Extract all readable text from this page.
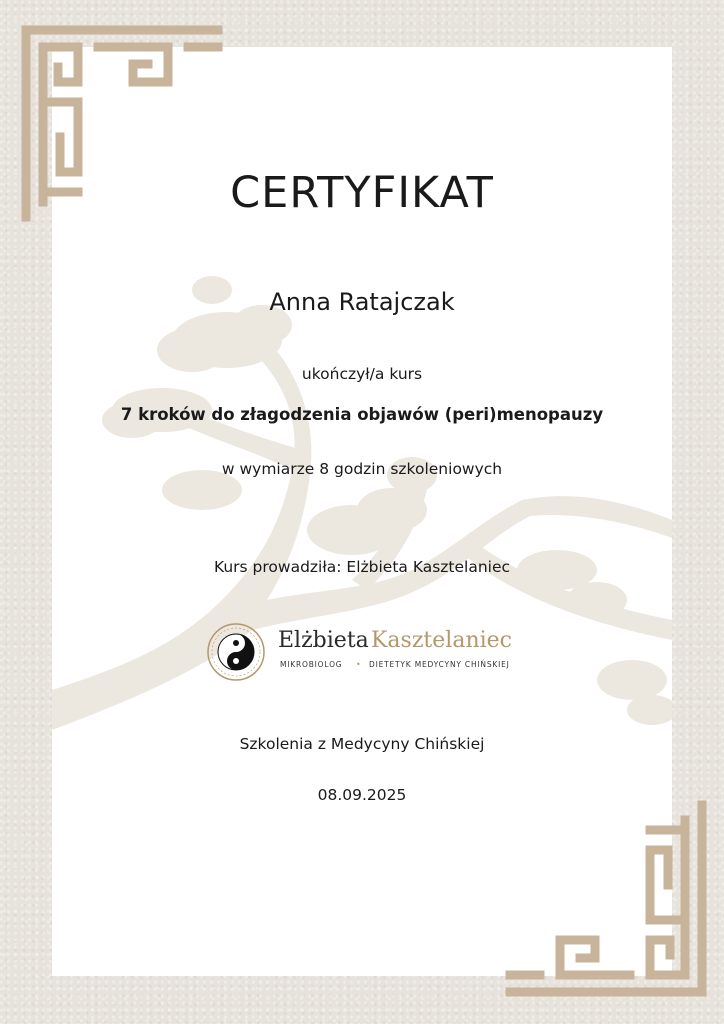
CERTYFIKAT
Anna Ratajczak
ukończył/a kurs
7 kroków do złagodzenia objawów (peri)menopauzy
w wymiarze 8 godzin szkoleniowych
Kurs prowadziła: Elżbieta Kasztelaniec
Elżbieta Kasztelaniec
MIKROBIOLOG • DIETETYK MEDYCYNY CHIŃSKIEJ
Szkolenia z Medycyny Chińskiej
08.09.2025
